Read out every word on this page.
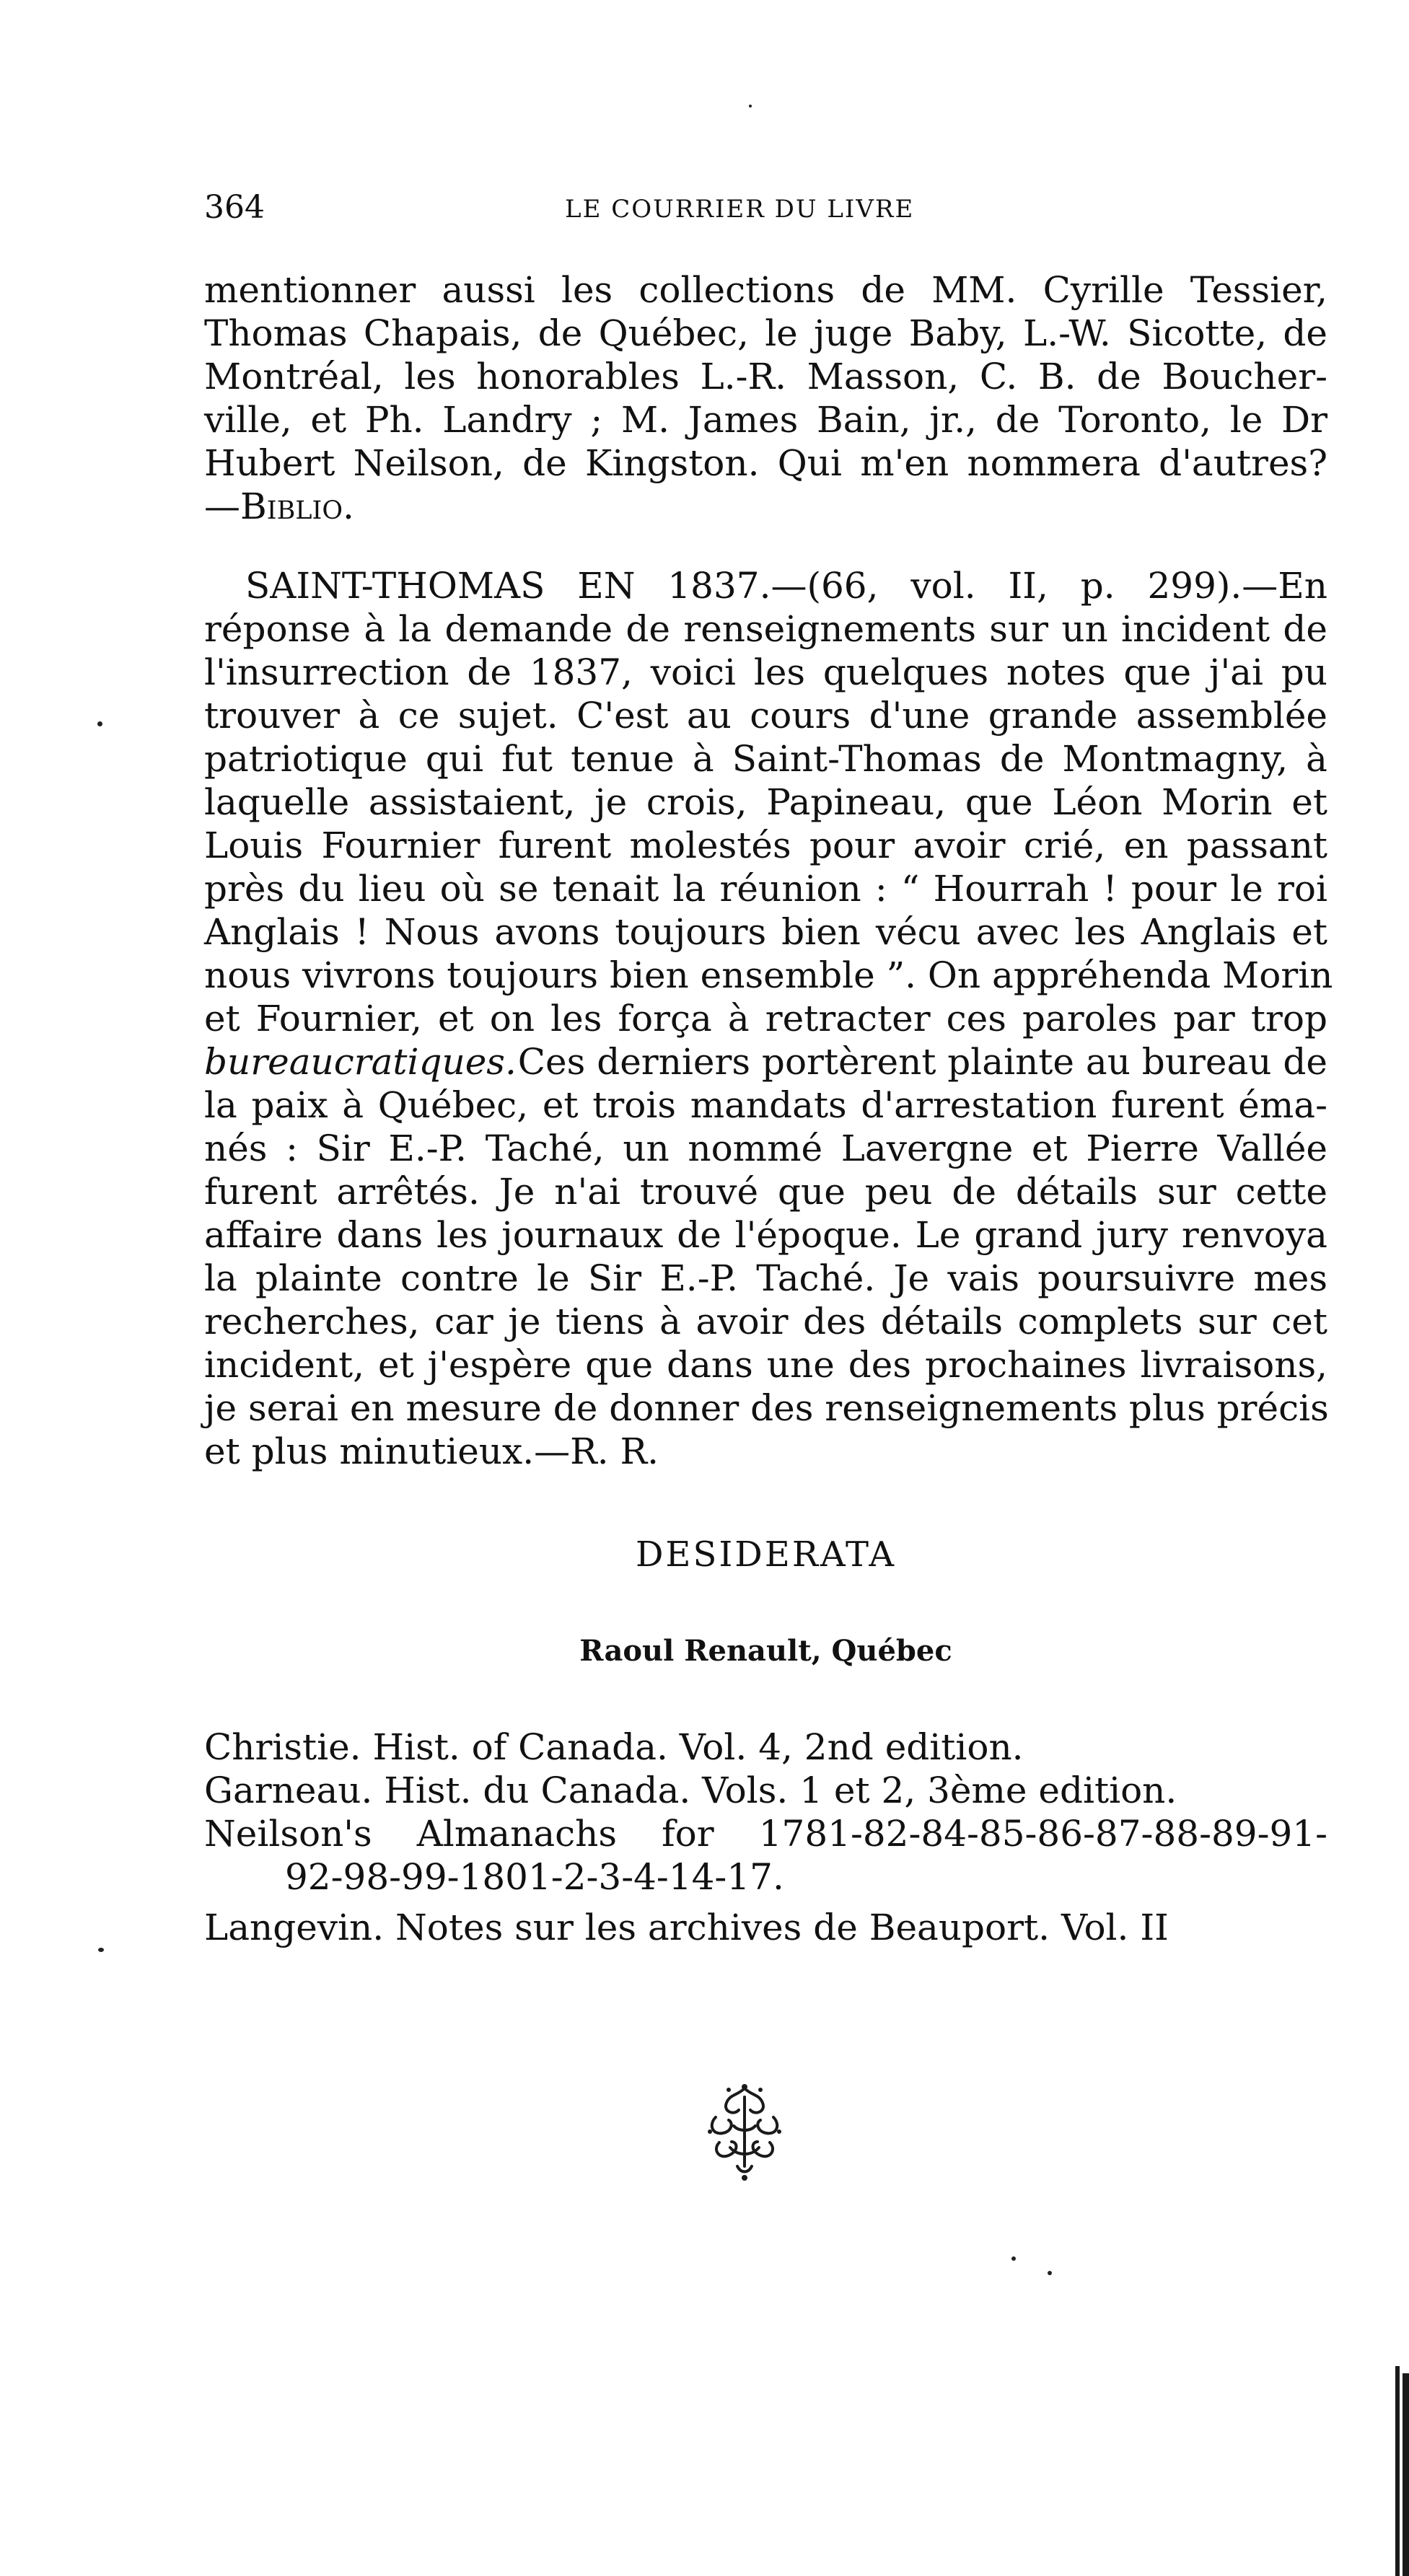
364	LE COURRIER DU LIVRE
mentionner aussi les collections de MM. Cyrille Tessier,
Thomas Chapais, de Québec, le juge Baby, L.-W. Sicotte, de
Montréal, les honorables L.-R. Masson, C. B. de Boucher-
ville, et Ph. Landry ; M. James Bain, jr., de Toronto, le Dr
Hubert Neilson, de Kingston. Qui m'en nommera d'autres?
—Biblio.
SAINT-THOMAS EN 1837.—(66, vol. II, p. 299).—En
réponse à la demande de renseignements sur un incident de
l'insurrection de 1837, voici les quelques notes que j'ai pu
trouver à ce sujet. C'est au cours d'une grande assemblée
patriotique qui fut tenue à Saint-Thomas de Montmagny, à
laquelle assistaient, je crois, Papineau, que Léon Morin et
Louis Fournier furent molestés pour avoir crié, en passant
près du lieu où se tenait la réunion : “ Hourrah ! pour le roi
Anglais ! Nous avons toujours bien vécu avec les Anglais et
nous vivrons toujours bien ensemble ”. On appréhenda Morin
et Fournier, et on les força à retracter ces paroles par trop
bureaucratiques. Ces derniers portèrent plainte au bureau de
la paix à Québec, et trois mandats d'arrestation furent éma-
nés : Sir E.-P. Taché, un nommé Lavergne et Pierre Vallée
furent arrêtés. Je n'ai trouvé que peu de détails sur cette
affaire dans les journaux de l'époque. Le grand jury renvoya
la plainte contre le Sir E.-P. Taché. Je vais poursuivre mes
recherches, car je tiens à avoir des détails complets sur cet
incident, et j'espère que dans une des prochaines livraisons,
je serai en mesure de donner des renseignements plus précis
et plus minutieux.—R. R.
DESIDERATA
Raoul Renault, Québec
Christie. Hist. of Canada. Vol. 4, 2nd edition.
Garneau. Hist. du Canada. Vols. 1 et 2, 3ème edition.
Neilson's Almanachs for 1781-82-84-85-86-87-88-89-91-
92-98-99-1801-2-3-4-14-17.
Langevin. Notes sur les archives de Beauport. Vol. II
